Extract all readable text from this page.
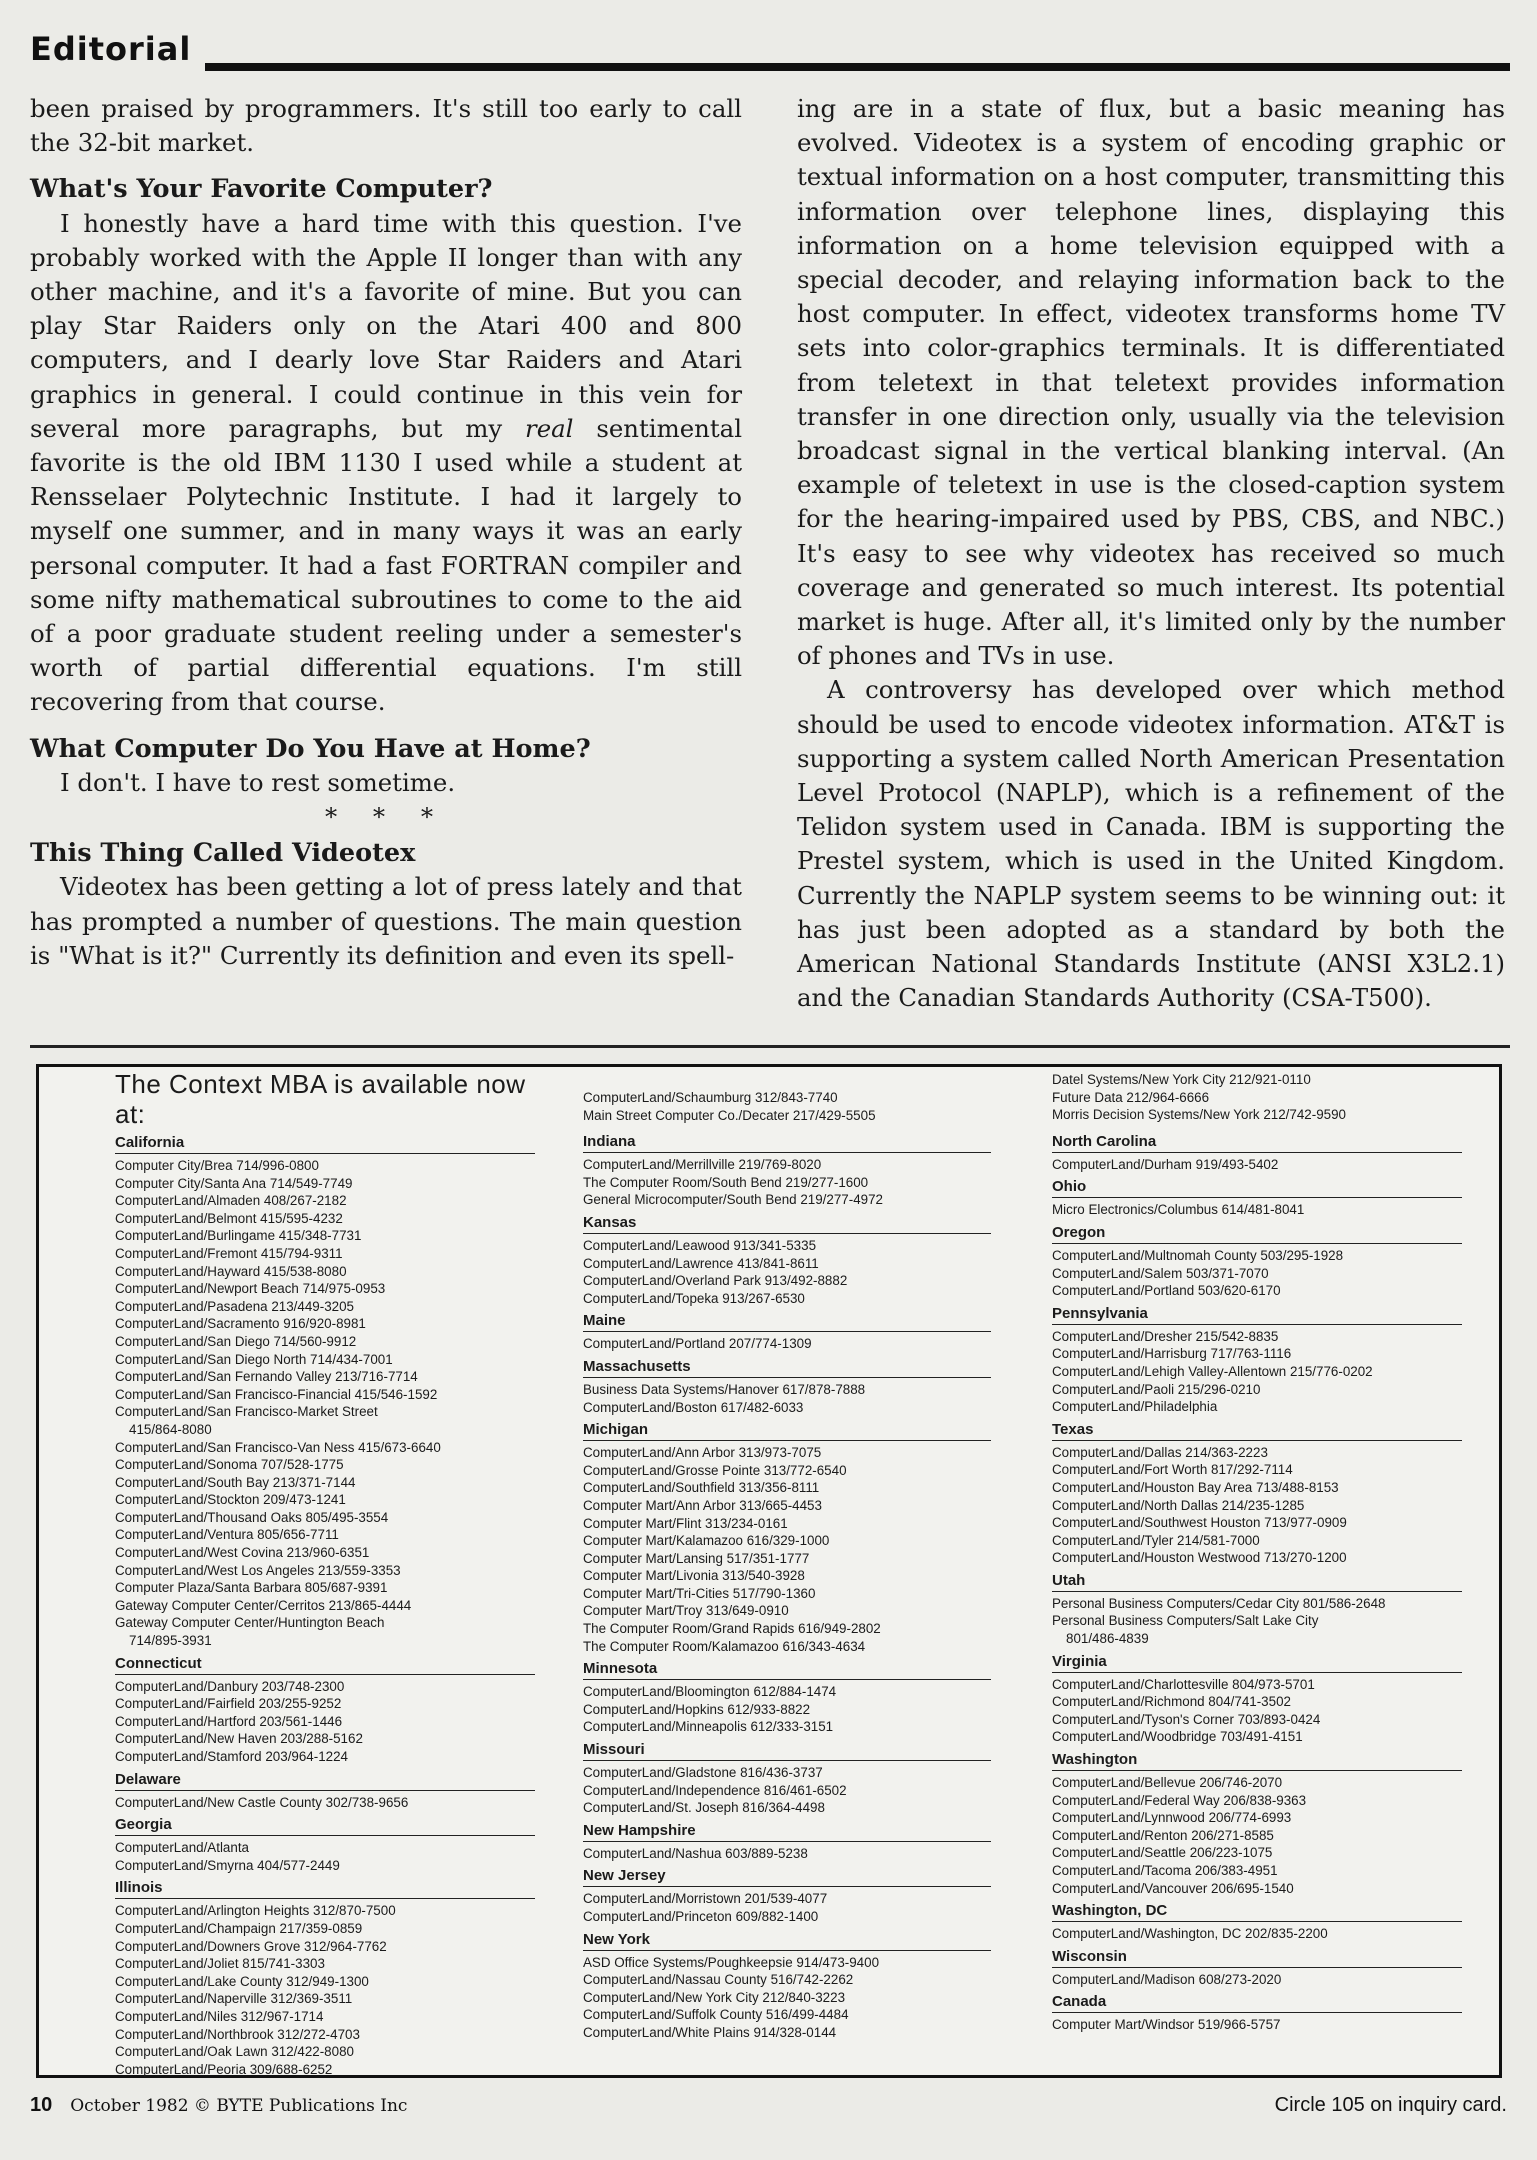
Editorial

been praised by programmers. It's still too early to call the 32-bit market.

What's Your Favorite Computer?

I honestly have a hard time with this question. I've probably worked with the Apple II longer than with any other machine, and it's a favorite of mine. But you can play Star Raiders only on the Atari 400 and 800 computers, and I dearly love Star Raiders and Atari graphics in general. I could continue in this vein for several more paragraphs, but my real sentimental favorite is the old IBM 1130 I used while a student at Rensselaer Polytechnic Institute. I had it largely to myself one summer, and in many ways it was an early personal computer. It had a fast FORTRAN compiler and some nifty mathematical subroutines to come to the aid of a poor graduate student reeling under a semester's worth of partial differential equations. I'm still recovering from that course.

What Computer Do You Have at Home?

I don't. I have to rest sometime.

* * *

This Thing Called Videotex

Videotex has been getting a lot of press lately and that has prompted a number of questions. The main question is "What is it?" Currently its definition and even its spell-

ing are in a state of flux, but a basic meaning has evolved. Videotex is a system of encoding graphic or textual information on a host computer, transmitting this information over telephone lines, displaying this information on a home television equipped with a special decoder, and relaying information back to the host computer. In effect, videotex transforms home TV sets into color-graphics terminals. It is differentiated from teletext in that teletext provides information transfer in one direction only, usually via the television broadcast signal in the vertical blanking interval. (An example of teletext in use is the closed-caption system for the hearing-impaired used by PBS, CBS, and NBC.) It's easy to see why videotex has received so much coverage and generated so much interest. Its potential market is huge. After all, it's limited only by the number of phones and TVs in use.

A controversy has developed over which method should be used to encode videotex information. AT&T is supporting a system called North American Presentation Level Protocol (NAPLP), which is a refinement of the Telidon system used in Canada. IBM is supporting the Prestel system, which is used in the United Kingdom. Currently the NAPLP system seems to be winning out: it has just been adopted as a standard by both the American National Standards Institute (ANSI X3L2.1) and the Canadian Standards Authority (CSA-T500).

The Context MBA is available now at:
California
Computer City/Brea 714/996-0800
Computer City/Santa Ana 714/549-7749
ComputerLand/Almaden 408/267-2182
ComputerLand/Belmont 415/595-4232
ComputerLand/Burlingame 415/348-7731
ComputerLand/Fremont 415/794-9311
ComputerLand/Hayward 415/538-8080
ComputerLand/Newport Beach 714/975-0953
ComputerLand/Pasadena 213/449-3205
ComputerLand/Sacramento 916/920-8981
ComputerLand/San Diego 714/560-9912
ComputerLand/San Diego North 714/434-7001
ComputerLand/San Fernando Valley 213/716-7714
ComputerLand/San Francisco-Financial 415/546-1592
ComputerLand/San Francisco-Market Street
415/864-8080
ComputerLand/San Francisco-Van Ness 415/673-6640
ComputerLand/Sonoma 707/528-1775
ComputerLand/South Bay 213/371-7144
ComputerLand/Stockton 209/473-1241
ComputerLand/Thousand Oaks 805/495-3554
ComputerLand/Ventura 805/656-7711
ComputerLand/West Covina 213/960-6351
ComputerLand/West Los Angeles 213/559-3353
Computer Plaza/Santa Barbara 805/687-9391
Gateway Computer Center/Cerritos 213/865-4444
Gateway Computer Center/Huntington Beach
714/895-3931
Connecticut
ComputerLand/Danbury 203/748-2300
ComputerLand/Fairfield 203/255-9252
ComputerLand/Hartford 203/561-1446
ComputerLand/New Haven 203/288-5162
ComputerLand/Stamford 203/964-1224
Delaware
ComputerLand/New Castle County 302/738-9656
Georgia
ComputerLand/Atlanta
ComputerLand/Smyrna 404/577-2449
Illinois
ComputerLand/Arlington Heights 312/870-7500
ComputerLand/Champaign 217/359-0859
ComputerLand/Downers Grove 312/964-7762
ComputerLand/Joliet 815/741-3303
ComputerLand/Lake County 312/949-1300
ComputerLand/Naperville 312/369-3511
ComputerLand/Niles 312/967-1714
ComputerLand/Northbrook 312/272-4703
ComputerLand/Oak Lawn 312/422-8080
ComputerLand/Peoria 309/688-6252
ComputerLand/Schaumburg 312/843-7740
Main Street Computer Co./Decater 217/429-5505
Indiana
ComputerLand/Merrillville 219/769-8020
The Computer Room/South Bend 219/277-1600
General Microcomputer/South Bend 219/277-4972
Kansas
ComputerLand/Leawood 913/341-5335
ComputerLand/Lawrence 413/841-8611
ComputerLand/Overland Park 913/492-8882
ComputerLand/Topeka 913/267-6530
Maine
ComputerLand/Portland 207/774-1309
Massachusetts
Business Data Systems/Hanover 617/878-7888
ComputerLand/Boston 617/482-6033
Michigan
ComputerLand/Ann Arbor 313/973-7075
ComputerLand/Grosse Pointe 313/772-6540
ComputerLand/Southfield 313/356-8111
Computer Mart/Ann Arbor 313/665-4453
Computer Mart/Flint 313/234-0161
Computer Mart/Kalamazoo 616/329-1000
Computer Mart/Lansing 517/351-1777
Computer Mart/Livonia 313/540-3928
Computer Mart/Tri-Cities 517/790-1360
Computer Mart/Troy 313/649-0910
The Computer Room/Grand Rapids 616/949-2802
The Computer Room/Kalamazoo 616/343-4634
Minnesota
ComputerLand/Bloomington 612/884-1474
ComputerLand/Hopkins 612/933-8822
ComputerLand/Minneapolis 612/333-3151
Missouri
ComputerLand/Gladstone 816/436-3737
ComputerLand/Independence 816/461-6502
ComputerLand/St. Joseph 816/364-4498
New Hampshire
ComputerLand/Nashua 603/889-5238
New Jersey
ComputerLand/Morristown 201/539-4077
ComputerLand/Princeton 609/882-1400
New York
ASD Office Systems/Poughkeepsie 914/473-9400
ComputerLand/Nassau County 516/742-2262
ComputerLand/New York City 212/840-3223
ComputerLand/Suffolk County 516/499-4484
ComputerLand/White Plains 914/328-0144
Datel Systems/New York City 212/921-0110
Future Data 212/964-6666
Morris Decision Systems/New York 212/742-9590
North Carolina
ComputerLand/Durham 919/493-5402
Ohio
Micro Electronics/Columbus 614/481-8041
Oregon
ComputerLand/Multnomah County 503/295-1928
ComputerLand/Salem 503/371-7070
ComputerLand/Portland 503/620-6170
Pennsylvania
ComputerLand/Dresher 215/542-8835
ComputerLand/Harrisburg 717/763-1116
ComputerLand/Lehigh Valley-Allentown 215/776-0202
ComputerLand/Paoli 215/296-0210
ComputerLand/Philadelphia
Texas
ComputerLand/Dallas 214/363-2223
ComputerLand/Fort Worth 817/292-7114
ComputerLand/Houston Bay Area 713/488-8153
ComputerLand/North Dallas 214/235-1285
ComputerLand/Southwest Houston 713/977-0909
ComputerLand/Tyler 214/581-7000
ComputerLand/Houston Westwood 713/270-1200
Utah
Personal Business Computers/Cedar City 801/586-2648
Personal Business Computers/Salt Lake City
801/486-4839
Virginia
ComputerLand/Charlottesville 804/973-5701
ComputerLand/Richmond 804/741-3502
ComputerLand/Tyson's Corner 703/893-0424
ComputerLand/Woodbridge 703/491-4151
Washington
ComputerLand/Bellevue 206/746-2070
ComputerLand/Federal Way 206/838-9363
ComputerLand/Lynnwood 206/774-6993
ComputerLand/Renton 206/271-8585
ComputerLand/Seattle 206/223-1075
ComputerLand/Tacoma 206/383-4951
ComputerLand/Vancouver 206/695-1540
Washington, DC
ComputerLand/Washington, DC 202/835-2200
Wisconsin
ComputerLand/Madison 608/273-2020
Canada
Computer Mart/Windsor 519/966-5757
10 October 1982 © BYTE Publications Inc	Circle 105 on inquiry card.
